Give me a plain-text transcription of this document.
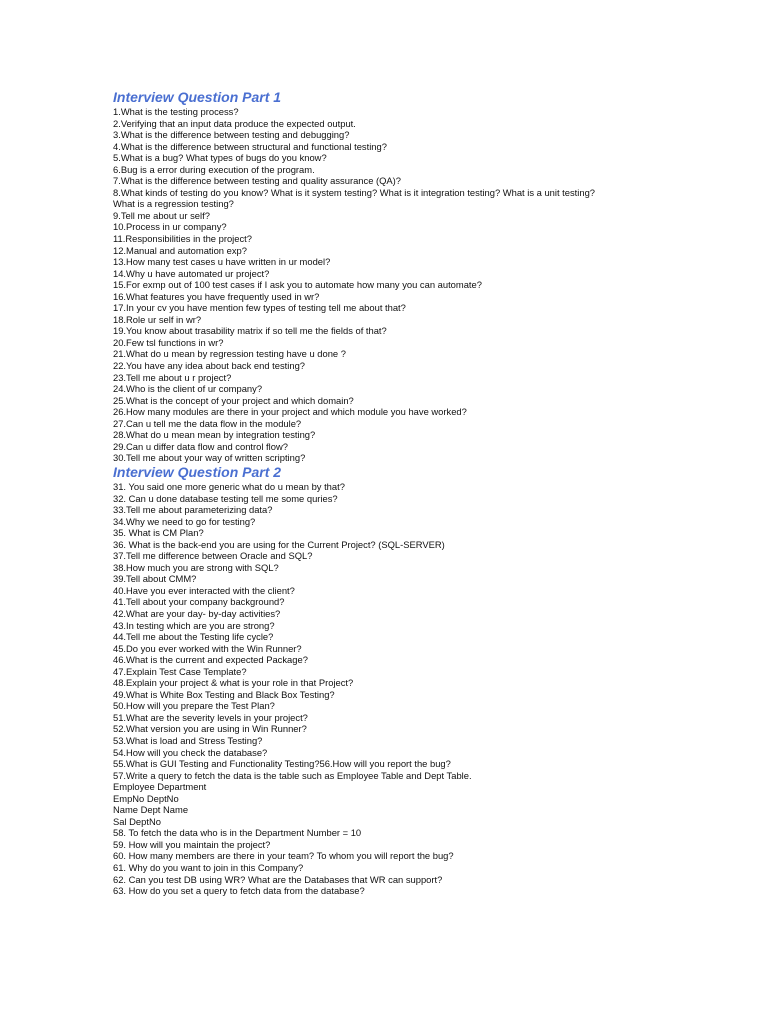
Interview Question Part 1
1.What is the testing process?
2.Verifying that an input data produce the expected output.
3.What is the difference between testing and debugging?
4.What is the difference between structural and functional testing?
5.What is a bug? What types of bugs do you know?
6.Bug is a error during execution of the program.
7.What is the difference between testing and quality assurance (QA)?
8.What kinds of testing do you know? What is it system testing? What is it integration testing? What is a unit testing?
What is a regression testing?
9.Tell me about ur self?
10.Process in ur company?
11.Responsibilities in the project?
12.Manual and automation exp?
13.How many test cases u have written in ur model?
14.Why u have automated ur project?
15.For exmp out of 100 test cases if I ask you to automate how many you can automate?
16.What features you have frequently used in wr?
17.In your cv you have mention few types of testing tell me about that?
18.Role ur self in wr?
19.You know about trasability matrix if so tell me the fields of that?
20.Few tsl functions in wr?
21.What do u mean by regression testing have u done ?
22.You have any idea about back end testing?
23.Tell me about u r project?
24.Who is the client of ur company?
25.What is the concept of your project and which domain?
26.How many modules are there in your project and which module you have worked?
27.Can u tell me the data flow in the module?
28.What do u mean mean by integration testing?
29.Can u differ data flow and control flow?
30.Tell me about your way of written scripting?
Interview Question Part 2
31. You said one more generic what do u mean by that?
32. Can u done database testing tell me some quries?
33.Tell me about parameterizing data?
34.Why we need to go for testing?
35. What is CM Plan?
36. What is the back-end you are using for the Current Project? (SQL-SERVER)
37.Tell me difference between Oracle and SQL?
38.How much you are strong with SQL?
39.Tell about CMM?
40.Have you ever interacted with the client?
41.Tell about your company background?
42.What are your day- by-day activities?
43.In testing which are you are strong?
44.Tell me about the Testing life cycle?
45.Do you ever worked with the Win Runner?
46.What is the current and expected Package?
47.Explain Test Case Template?
48.Explain your project & what is your role in that Project?
49.What is White Box Testing and Black Box Testing?
50.How will you prepare the Test Plan?
51.What are the severity levels in your project?
52.What version you are using in Win Runner?
53.What is load and Stress Testing?
54.How will you check the database?
55.What is GUI Testing and Functionality Testing?56.How will you report the bug?
57.Write a query to fetch the data is the table such as Employee Table and Dept Table.
Employee Department
EmpNo DeptNo
Name Dept Name
Sal DeptNo
58. To fetch the data who is in the Department Number = 10
59. How will you maintain the project?
60. How many members are there in your team? To whom you will report the bug?
61. Why do you want to join in this Company?
62. Can you test DB using WR? What are the Databases that WR can support?
63. How do you set a query to fetch data from the database?
